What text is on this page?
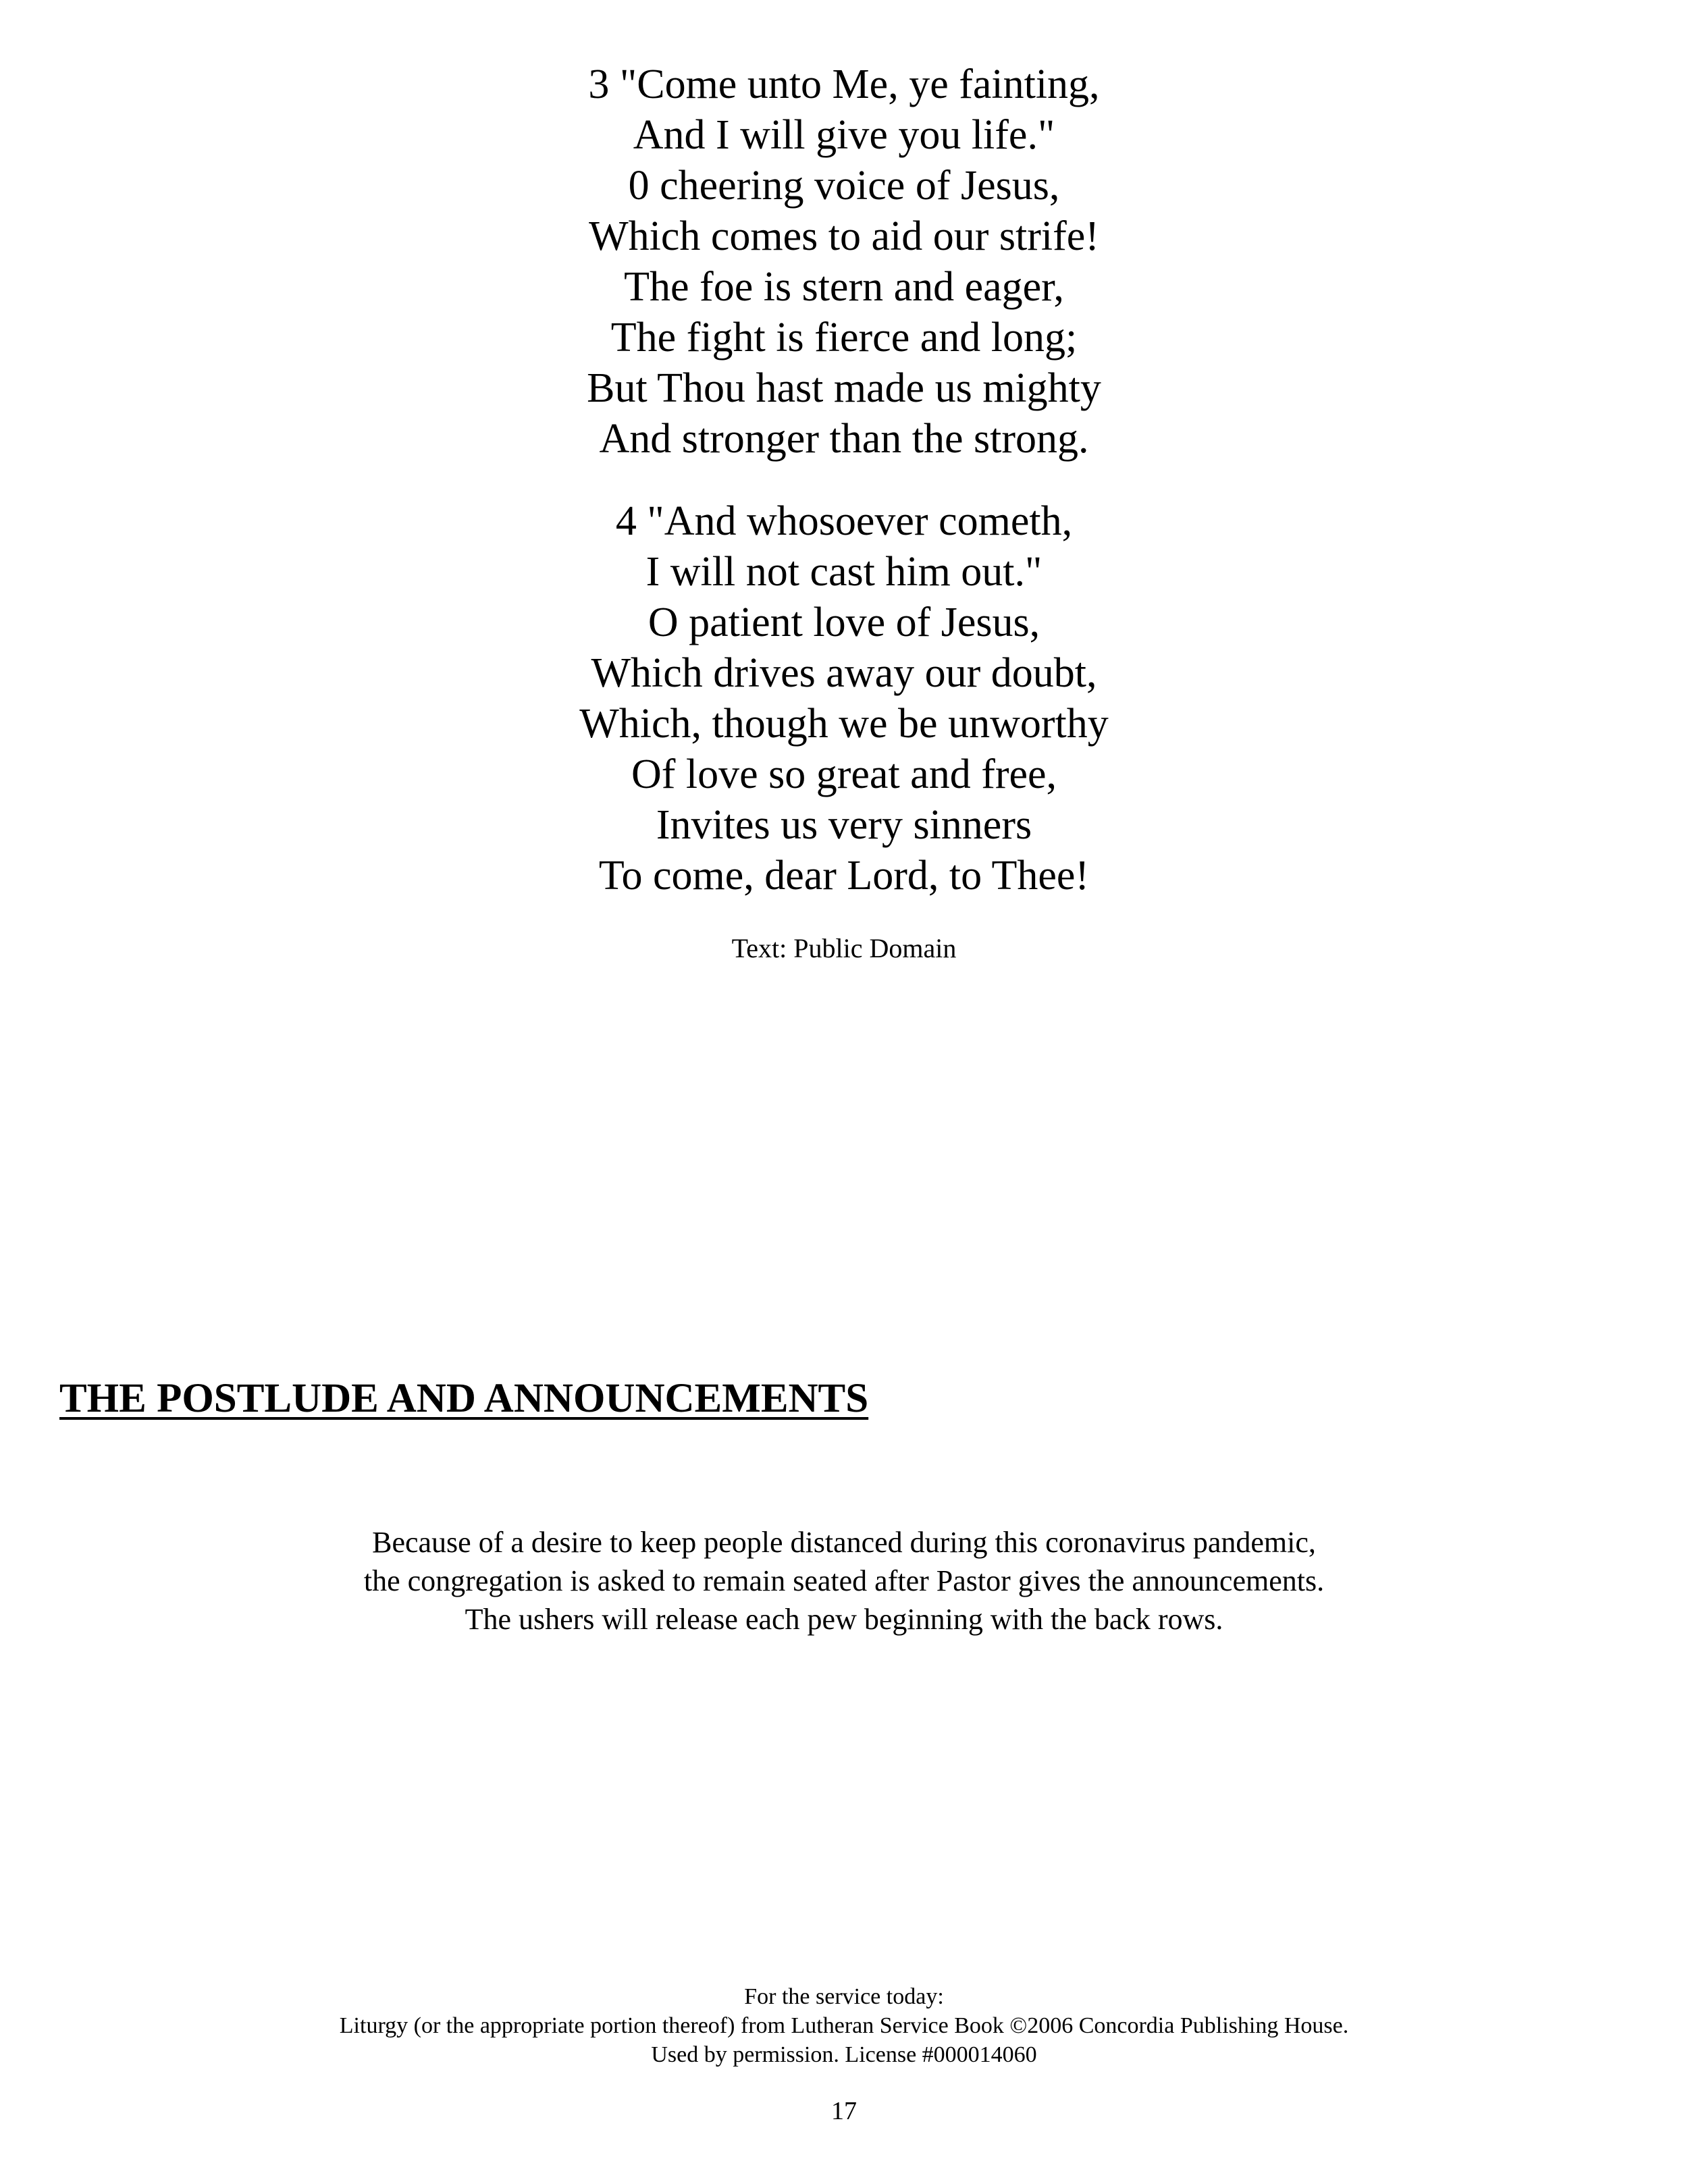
3 "Come unto Me, ye fainting,
And I will give you life."
0 cheering voice of Jesus,
Which comes to aid our strife!
The foe is stern and eager,
The fight is fierce and long;
But Thou hast made us mighty
And stronger than the strong.
4 "And whosoever cometh,
I will not cast him out."
O patient love of Jesus,
Which drives away our doubt,
Which, though we be unworthy
Of love so great and free,
Invites us very sinners
To come, dear Lord, to Thee!
Text: Public Domain
THE POSTLUDE AND ANNOUNCEMENTS
Because of a desire to keep people distanced during this coronavirus pandemic,
the congregation is asked to remain seated after Pastor gives the announcements.
The ushers will release each pew beginning with the back rows.
For the service today:
Liturgy (or the appropriate portion thereof) from Lutheran Service Book ©2006 Concordia Publishing House.
Used by permission. License #000014060
17
